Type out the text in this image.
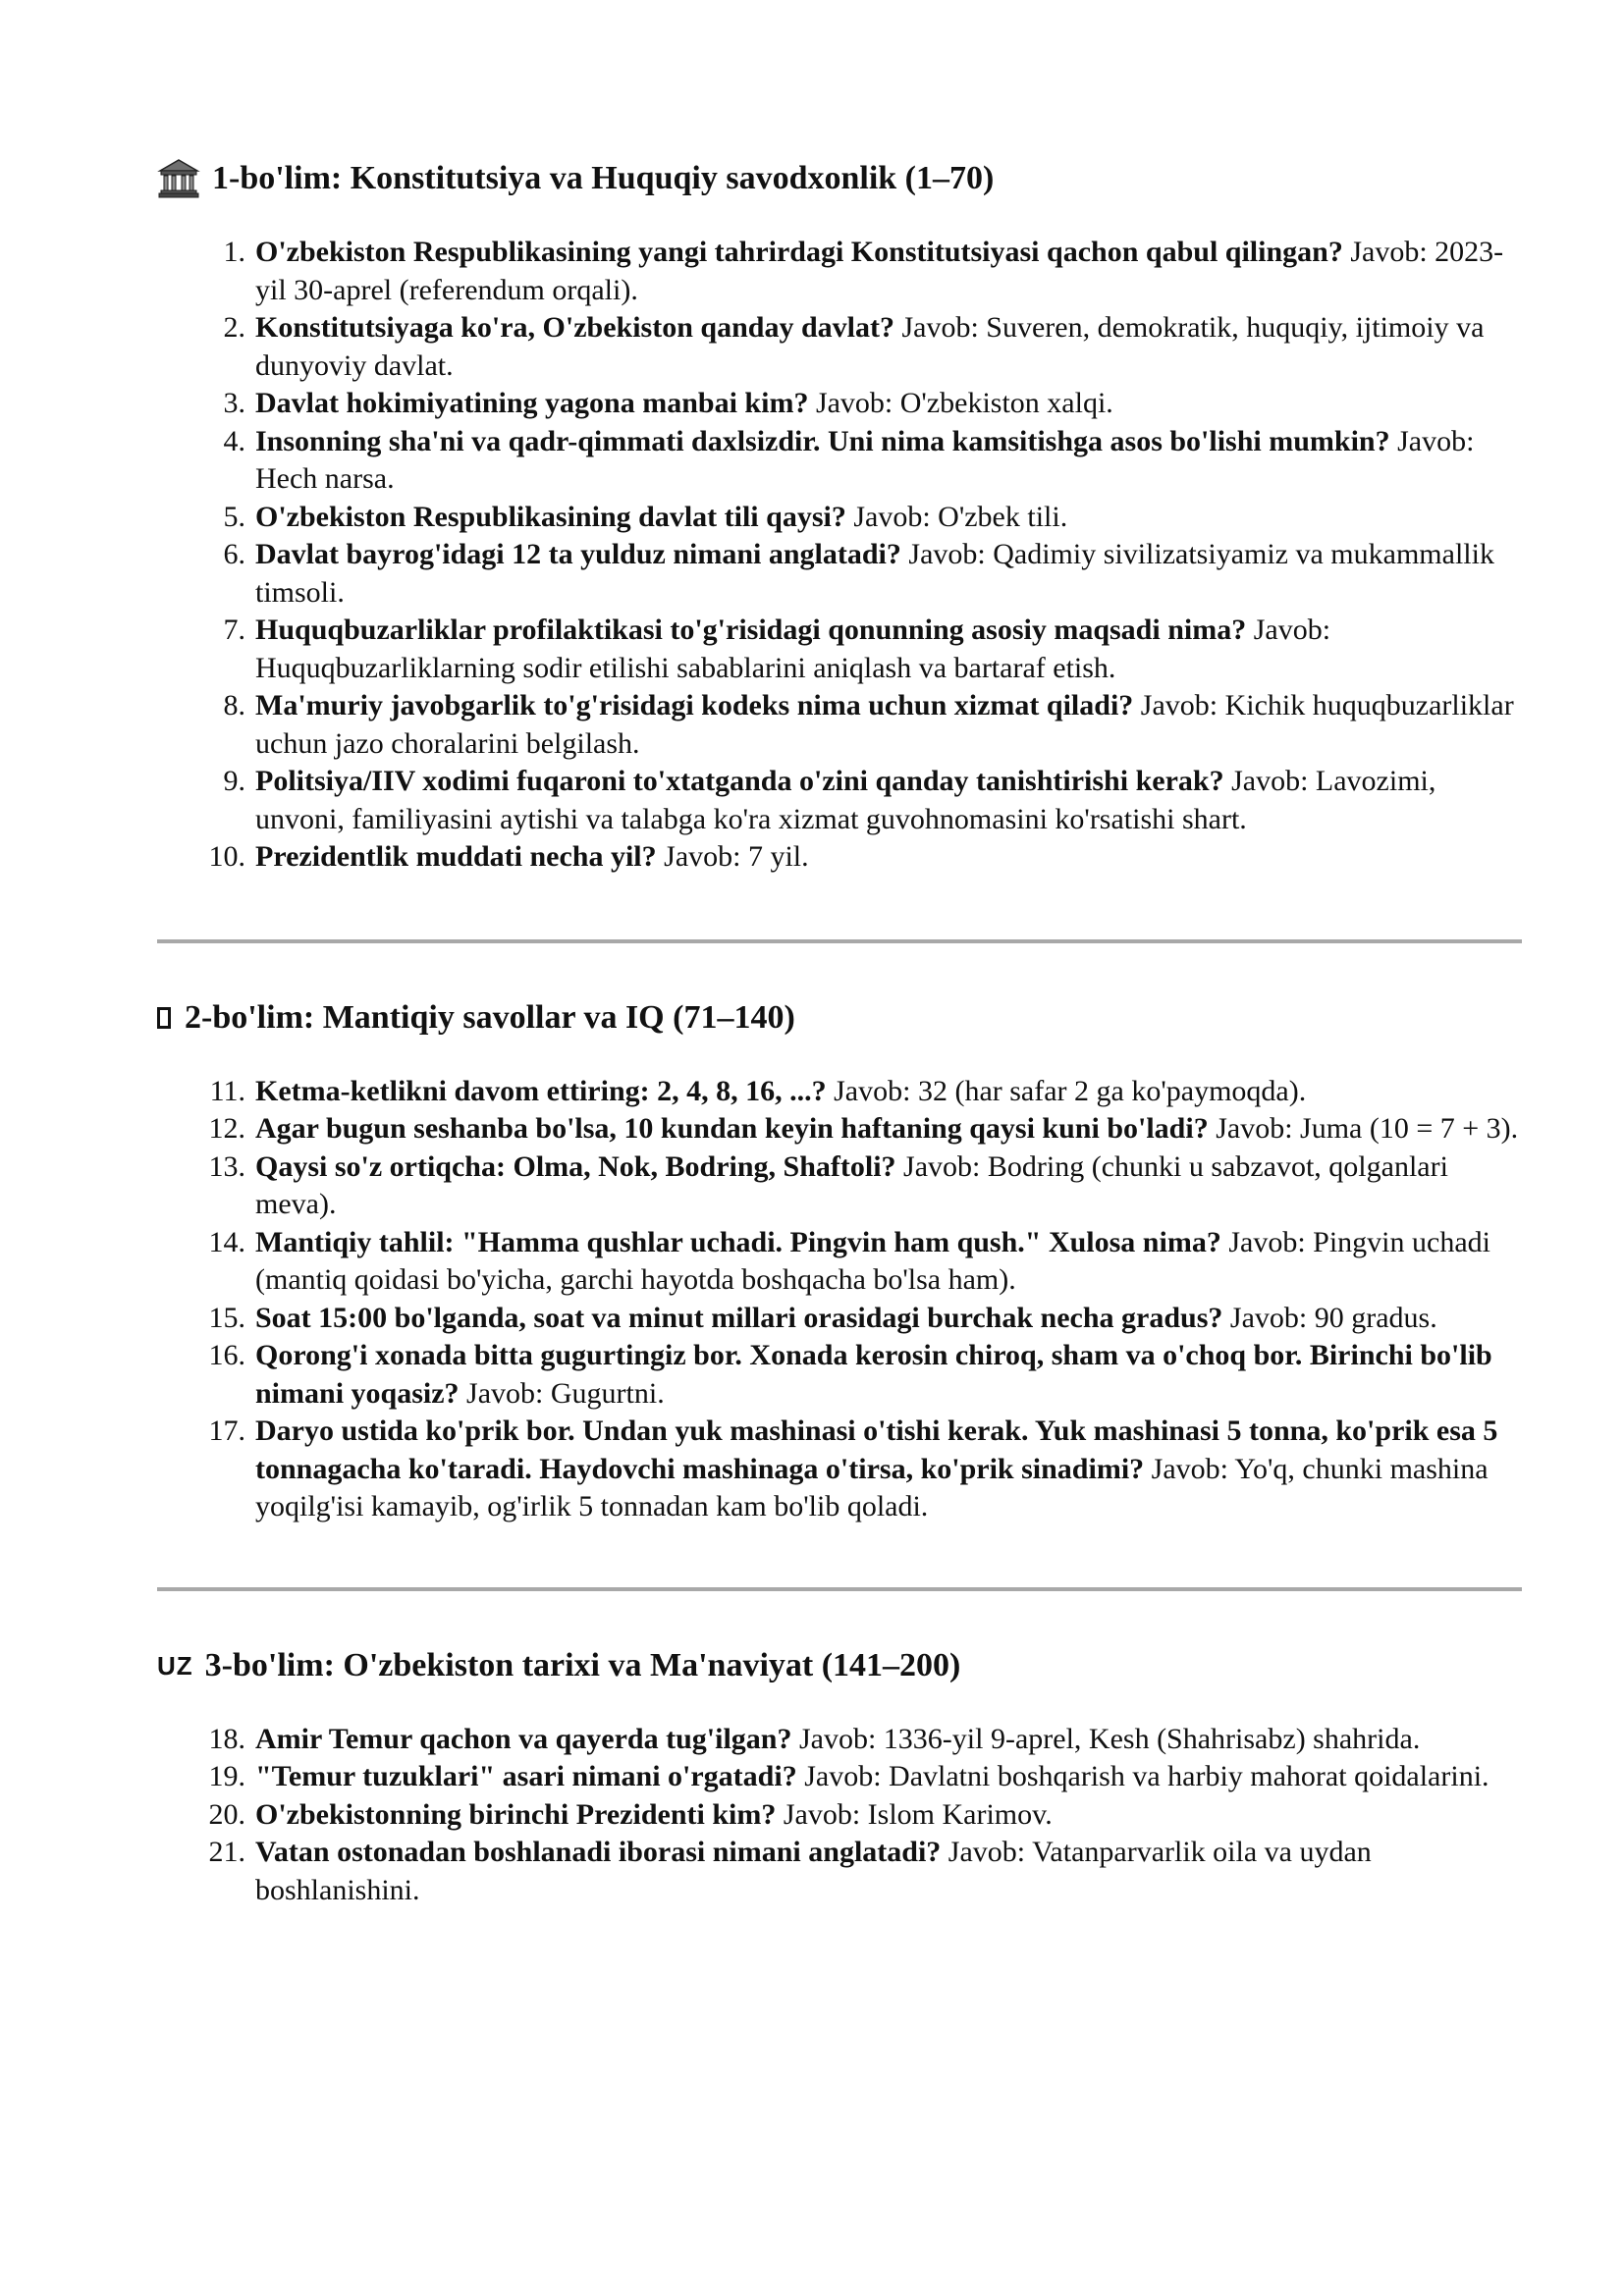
1-bo'lim: Konstitutsiya va Huquqiy savodxonlik (1–70)
1. O'zbekiston Respublikasining yangi tahrirdagi Konstitutsiyasi qachon qabul qilingan? Javob: 2023-yil 30-aprel (referendum orqali).
2. Konstitutsiyaga ko'ra, O'zbekiston qanday davlat? Javob: Suveren, demokratik, huquqiy, ijtimoiy va dunyoviy davlat.
3. Davlat hokimiyatining yagona manbai kim? Javob: O'zbekiston xalqi.
4. Insonning sha'ni va qadr-qimmati daxlsizdir. Uni nima kamsitishga asos bo'lishi mumkin? Javob: Hech narsa.
5. O'zbekiston Respublikasining davlat tili qaysi? Javob: O'zbek tili.
6. Davlat bayrog'idagi 12 ta yulduz nimani anglatadi? Javob: Qadimiy sivilizatsiyamiz va mukammallik timsoli.
7. Huquqbuzarliklar profilaktikasi to'g'risidagi qonunning asosiy maqsadi nima? Javob: Huquqbuzarliklarning sodir etilishi sabablarini aniqlash va bartaraf etish.
8. Ma'muriy javobgarlik to'g'risidagi kodeks nima uchun xizmat qiladi? Javob: Kichik huquqbuzarliklar uchun jazo choralarini belgilash.
9. Politsiya/IIV xodimi fuqaroni to'xtatganda o'zini qanday tanishtirishi kerak? Javob: Lavozimi, unvoni, familiyasini aytishi va talabga ko'ra xizmat guvohnomasini ko'rsatishi shart.
10. Prezidentlik muddati necha yil? Javob: 7 yil.
2-bo'lim: Mantiqiy savollar va IQ (71–140)
11. Ketma-ketlikni davom ettiring: 2, 4, 8, 16, ...? Javob: 32 (har safar 2 ga ko'paymoqda).
12. Agar bugun seshanba bo'lsa, 10 kundan keyin haftaning qaysi kuni bo'ladi? Javob: Juma (10 = 7 + 3).
13. Qaysi so'z ortiqcha: Olma, Nok, Bodring, Shaftoli? Javob: Bodring (chunki u sabzavot, qolganlari meva).
14. Mantiqiy tahlil: "Hamma qushlar uchadi. Pingvin ham qush." Xulosa nima? Javob: Pingvin uchadi (mantiq qoidasi bo'yicha, garchi hayotda boshqacha bo'lsa ham).
15. Soat 15:00 bo'lganda, soat va minut millari orasidagi burchak necha gradus? Javob: 90 gradus.
16. Qorong'i xonada bitta gugurtingiz bor. Xonada kerosin chiroq, sham va o'choq bor. Birinchi bo'lib nimani yoqasiz? Javob: Gugurtni.
17. Daryo ustida ko'prik bor. Undan yuk mashinasi o'tishi kerak. Yuk mashinasi 5 tonna, ko'prik esa 5 tonnagacha ko'taradi. Haydovchi mashinaga o'tirsa, ko'prik sinadimi? Javob: Yo'q, chunki mashina yoqilg'isi kamayib, og'irlik 5 tonnadan kam bo'lib qoladi.
UZ 3-bo'lim: O'zbekiston tarixi va Ma'naviyat (141–200)
18. Amir Temur qachon va qayerda tug'ilgan? Javob: 1336-yil 9-aprel, Kesh (Shahrisabz) shahrida.
19. "Temur tuzuklari" asari nimani o'rgatadi? Javob: Davlatni boshqarish va harbiy mahorat qoidalarini.
20. O'zbekistonning birinchi Prezidenti kim? Javob: Islom Karimov.
21. Vatan ostonadan boshlanadi iborasi nimani anglatadi? Javob: Vatanparvarlik oila va uydan boshlanishini.
